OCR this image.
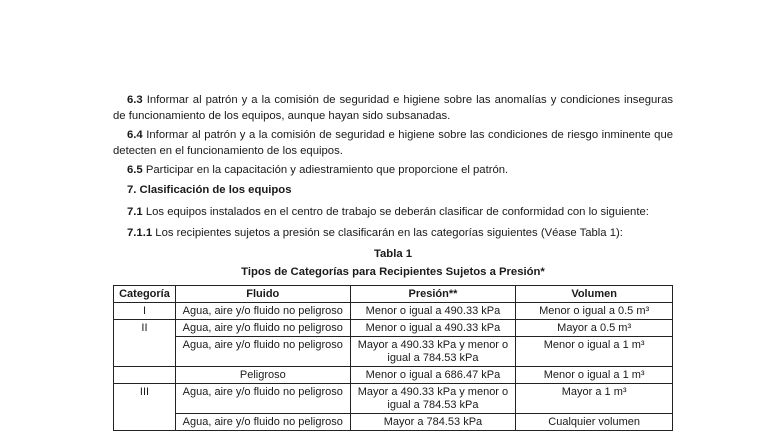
6.3 Informar al patrón y a la comisión de seguridad e higiene sobre las anomalías y condiciones inseguras de funcionamiento de los equipos, aunque hayan sido subsanadas.

6.4 Informar al patrón y a la comisión de seguridad e higiene sobre las condiciones de riesgo inminente que detecten en el funcionamiento de los equipos.

6.5 Participar en la capacitación y adiestramiento que proporcione el patrón.

7. Clasificación de los equipos

7.1 Los equipos instalados en el centro de trabajo se deberán clasificar de conformidad con lo siguiente:

7.1.1 Los recipientes sujetos a presión se clasificarán en las categorías siguientes (Véase Tabla 1):

Tabla 1

Tipos de Categorías para Recipientes Sujetos a Presión*

Categoría	Fluido	Presión**	Volumen
I	Agua, aire y/o fluido no peligroso	Menor o igual a 490.33 kPa	Menor o igual a 0.5 m³
II	Agua, aire y/o fluido no peligroso	Menor o igual a 490.33 kPa	Mayor a 0.5 m³
	Agua, aire y/o fluido no peligroso	Mayor a 490.33 kPa y menor o igual a 784.53 kPa	Menor o igual a 1 m³
	Peligroso	Menor o igual a 686.47 kPa	Menor o igual a 1 m³
III	Agua, aire y/o fluido no peligroso	Mayor a 490.33 kPa y menor o igual a 784.53 kPa	Mayor a 1 m³
	Agua, aire y/o fluido no peligroso	Mayor a 784.53 kPa	Cualquier volumen
